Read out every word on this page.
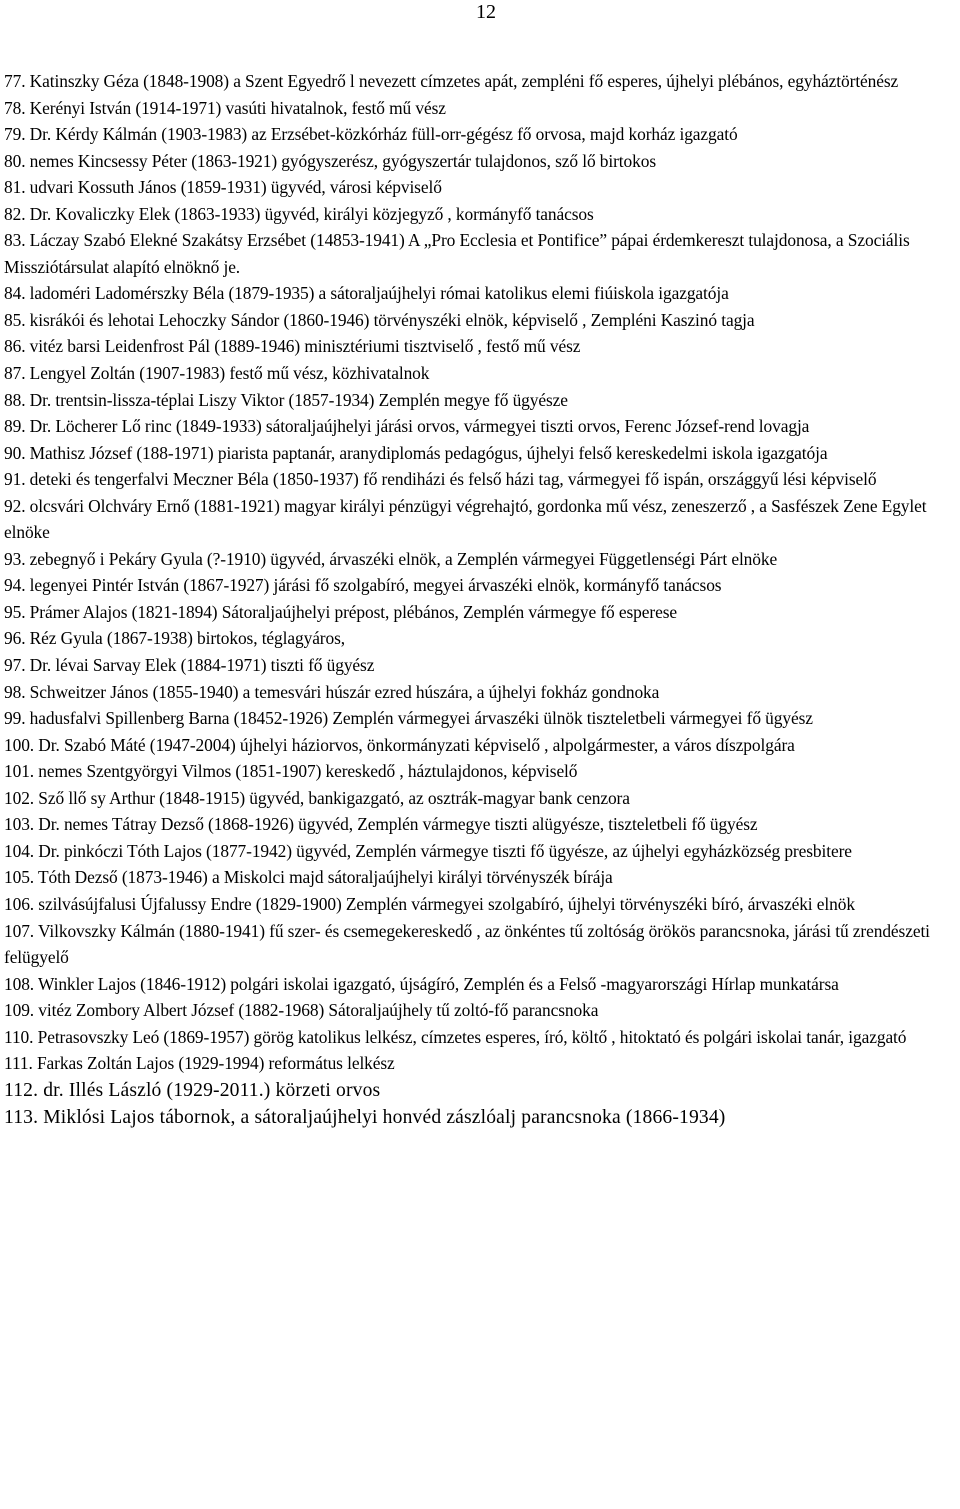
12
77. Katinszky Géza (1848-1908) a Szent Egyedrő l nevezett címzetes apát, zempléni fő esperes, újhelyi plébános, egyháztörténész
78. Kerényi István (1914-1971) vasúti hivatalnok, festő mű vész
79. Dr. Kérdy Kálmán (1903-1983) az Erzsébet-közkórház füll-orr-gégész fő orvosa, majd korház igazgató
80. nemes Kincsessy Péter (1863-1921) gyógyszerész, gyógyszertár tulajdonos, sző lő birtokos
81. udvari Kossuth János (1859-1931) ügyvéd, városi képviselő
82. Dr. Kovaliczky Elek (1863-1933) ügyvéd, királyi közjegyző , kormányfő tanácsos
83. Láczay Szabó Elekné Szakátsy Erzsébet (14853-1941) A „Pro Ecclesia et Pontifice” pápai érdemkereszt tulajdonosa, a Szociális Missziótársulat alapító elnöknő je.
84. ladoméri Ladomérszky Béla (1879-1935) a sátoraljaújhelyi római katolikus elemi fiúiskola igazgatója
85. kisrákói és lehotai Lehoczky Sándor (1860-1946) törvényszéki elnök, képviselő , Zempléni Kaszinó tagja
86. vitéz barsi Leidenfrost Pál (1889-1946) minisztériumi tisztviselő , festő mű vész
87. Lengyel Zoltán (1907-1983) festő mű vész, közhivatalnok
88. Dr. trentsin-lissza-téplai Liszy Viktor (1857-1934) Zemplén megye fő ügyésze
89. Dr. Löcherer Lő rinc (1849-1933) sátoraljaújhelyi járási orvos, vármegyei tiszti orvos, Ferenc József-rend lovagja
90. Mathisz József (188-1971) piarista paptanár, aranydiplomás pedagógus, újhelyi felső kereskedelmi iskola igazgatója
91. deteki és tengerfalvi Meczner Béla (1850-1937) fő rendiházi és felső házi tag, vármegyei fő ispán, országgyű lési képviselő
92. olcsvári Olchváry Ernő (1881-1921) magyar királyi pénzügyi végrehajtó, gordonka mű vész, zeneszerző , a Sasfészek Zene Egylet elnöke
93. zebegnyő i Pekáry Gyula (?-1910) ügyvéd, árvaszéki elnök, a Zemplén vármegyei Függetlenségi Párt elnöke
94. legenyei Pintér István (1867-1927) járási fő szolgabíró, megyei árvaszéki elnök, kormányfő tanácsos
95. Prámer Alajos (1821-1894) Sátoraljaújhelyi prépost, plébános, Zemplén vármegye fő esperese
96. Réz Gyula (1867-1938) birtokos, téglagyáros,
97. Dr. lévai Sarvay Elek (1884-1971) tiszti fő ügyész
98. Schweitzer János (1855-1940) a temesvári húszár ezred húszára, a újhelyi fokház gondnoka
99. hadusfalvi Spillenberg Barna (18452-1926) Zemplén vármegyei árvaszéki ülnök tiszteletbeli vármegyei fő ügyész
100. Dr. Szabó Máté (1947-2004) újhelyi háziorvos, önkormányzati képviselő , alpolgármester, a város díszpolgára
101. nemes Szentgyörgyi Vilmos (1851-1907) kereskedő , háztulajdonos, képviselő
102. Sző llő sy Arthur (1848-1915) ügyvéd, bankigazgató, az osztrák-magyar bank cenzora
103. Dr. nemes Tátray Dezső (1868-1926) ügyvéd, Zemplén vármegye tiszti alügyésze, tiszteletbeli fő ügyész
104. Dr. pinkóczi Tóth Lajos (1877-1942) ügyvéd, Zemplén vármegye tiszti fő ügyésze, az újhelyi egyházközség presbitere
105. Tóth Dezső (1873-1946) a Miskolci majd sátoraljaújhelyi királyi törvényszék bírája
106. szilvásújfalusi Újfalussy Endre (1829-1900) Zemplén vármegyei szolgabíró, újhelyi törvényszéki bíró, árvaszéki elnök
107. Vilkovszky Kálmán (1880-1941) fű szer- és csemegekereskedő , az önkéntes tű zoltóság örökös parancsnoka, járási tű zrendészeti felügyelő
108. Winkler Lajos (1846-1912) polgári iskolai igazgató, újságíró, Zemplén és a Felső -magyarországi Hírlap munkatársa
109. vitéz Zombory Albert József (1882-1968) Sátoraljaújhely tű zoltó-fő parancsnoka
110. Petrasovszky Leó (1869-1957) görög katolikus lelkész, címzetes esperes, író, költő , hitoktató és polgári iskolai tanár, igazgató
111. Farkas Zoltán Lajos (1929-1994) református lelkész
112. dr. Illés László (1929-2011.) körzeti orvos
113. Miklósi Lajos tábornok, a sátoraljaújhelyi honvéd zászlóalj parancsnoka (1866-1934)
